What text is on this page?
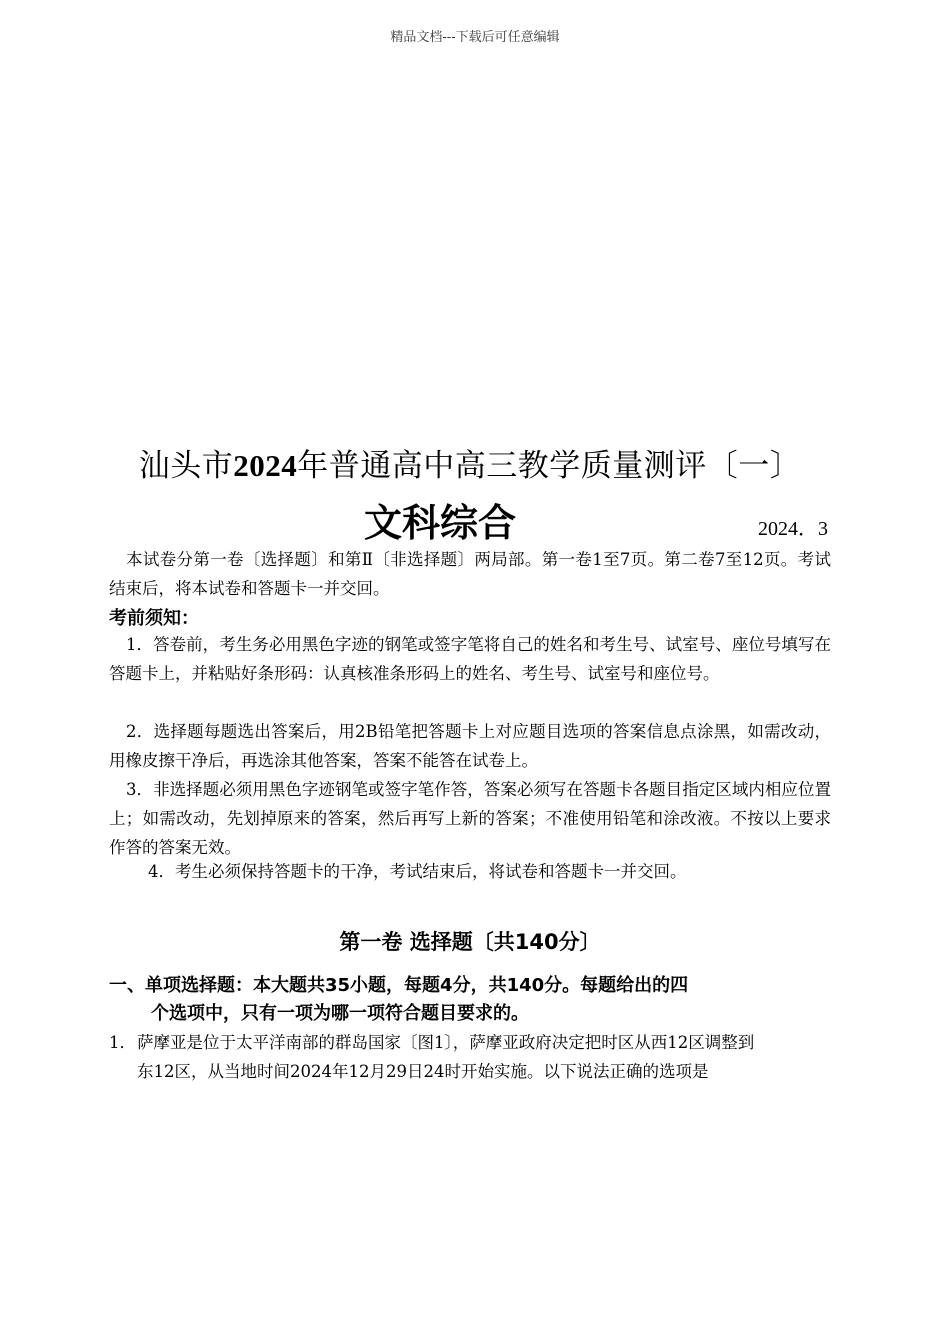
精品文档---下载后可任意编辑
汕头市2024年普通高中高三教学质量测评〔一〕
文科综合	2024．3
本试卷分第一卷〔选择题〕和第Ⅱ〔非选择题〕两局部。第一卷1至7页。第二卷7至12页。考试结束后，将本试卷和答题卡一并交回。
考前须知：
1．答卷前，考生务必用黑色字迹的钢笔或签字笔将自己的姓名和考生号、试室号、座位号填写在答题卡上，并粘贴好条形码：认真核准条形码上的姓名、考生号、试室号和座位号。
2．选择题每题选出答案后，用2B铅笔把答题卡上对应题目选项的答案信息点涂黑，如需改动，用橡皮擦干净后，再选涂其他答案，答案不能答在试卷上。
3．非选择题必须用黑色字迹钢笔或签字笔作答，答案必须写在答题卡各题目指定区域内相应位置上；如需改动，先划掉原来的答案，然后再写上新的答案；不准使用铅笔和涂改液。不按以上要求作答的答案无效。
4．考生必须保持答题卡的干净，考试结束后，将试卷和答题卡一并交回。
第一卷 选择题〔共140分〕
一、单项选择题：本大题共35小题，每题4分，共140分。每题给出的四
个选项中，只有一项为哪一项符合题目要求的。
1．萨摩亚是位于太平洋南部的群岛国家〔图1〕，萨摩亚政府决定把时区从西12区调整到
东12区，从当地时间2024年12月29日24时开始实施。以下说法正确的选项是
